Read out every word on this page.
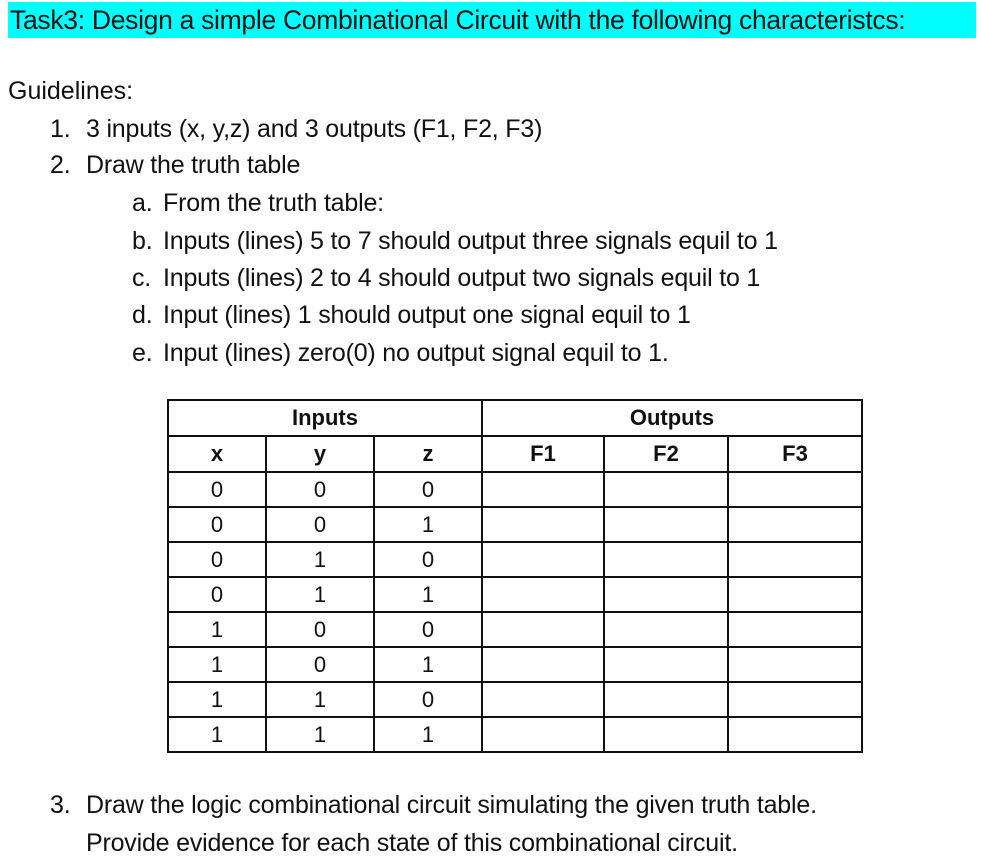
Task3: Design a simple Combinational Circuit with the following characteristcs:
Guidelines:
1. 3 inputs (x, y,z) and 3 outputs (F1, F2, F3)
2. Draw the truth table
a. From the truth table:
b. Inputs (lines) 5 to 7 should output three signals equil to 1
c. Inputs (lines) 2 to 4 should output two signals equil to 1
d. Input (lines) 1 should output one signal equil to 1
e. Input (lines) zero(0) no output signal equil to 1.
Inputs			Outputs		
x	y	z	F1	F2	F3
0	0	0			
0	0	1			
0	1	0			
0	1	1			
1	0	0			
1	0	1			
1	1	0			
1	1	1			
3. Draw the logic combinational circuit simulating the given truth table.
Provide evidence for each state of this combinational circuit.
